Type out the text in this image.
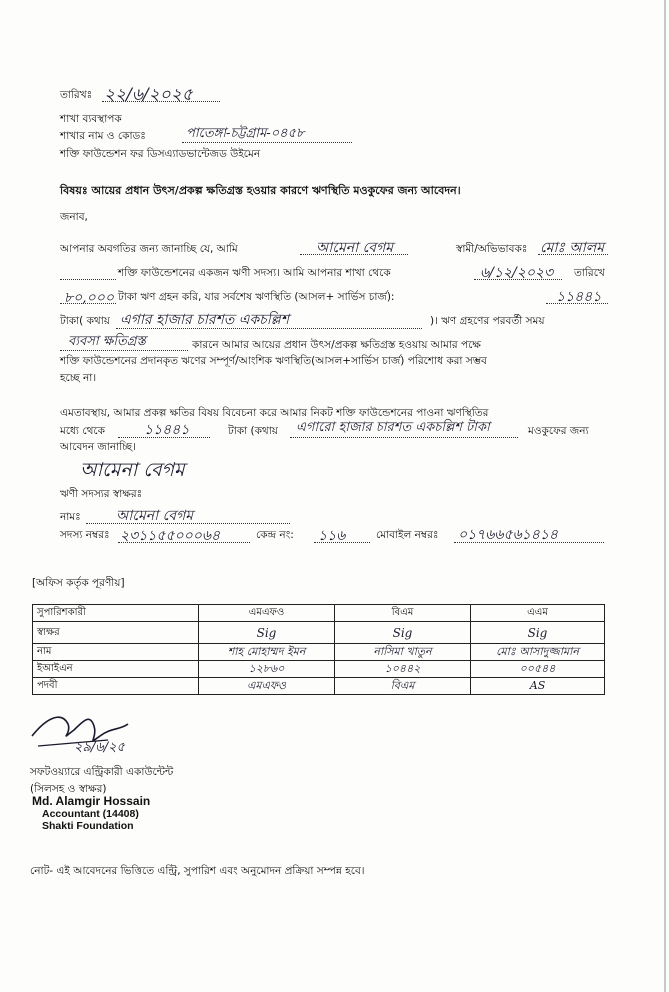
তারিখঃ ২২/৬/২০২৫
শাখা ব্যবস্থাপক
শাখার নাম ও কোডঃ	পাতেঙ্গা-চট্টগ্রাম-০৪৫৮
শক্তি ফাউন্ডেশন ফর ডিসএ্যাডভান্টেজড উইমেন
বিষয়ঃ আয়ের প্রধান উৎস/প্রকল্প ক্ষতিগ্রস্ত হওয়ার কারণে ঋণস্থিতি মওকুফের জন্য আবেদন।
জনাব,
আপনার অবগতির জন্য জানাচ্ছি যে, আমি	আমেনা বেগম	স্বামী/অভিভাবকঃ মোঃ আলম
শক্তি ফাউন্ডেশনের একজন ঋণী সদস্য। আমি আপনার শাখা থেকে	৬/১২/২০২৩ তারিখে
৮০,০০০ টাকা ঋণ গ্রহন করি, যার সর্বশেষ ঋণস্থিতি (আসল+ সার্ভিস চার্জ):	১১৪৪১
টাকা( কথায় এগার হাজার চারশত একচল্লিশ	)। ঋণ গ্রহণের পরবর্তী সময়
ব্যবসা ক্ষতিগ্রস্ত	কারনে আমার আয়ের প্রধান উৎস/প্রকল্প ক্ষতিগ্রস্ত হওয়ায় আমার পক্ষে
শক্তি ফাউন্ডেশনের প্রদানকৃত ঋণের সম্পূর্ণ/আংশিক ঋণস্থিতি(আসল+সার্ভিস চার্জ) পরিশোধ করা সম্ভব
হচ্ছে না।
এমতাবস্থায়, আমার প্রকল্প ক্ষতির বিষয় বিবেচনা করে আমার নিকট শক্তি ফাউন্ডেশনের পাওনা ঋণস্থিতির
মধ্যে থেকে	১১৪৪১	টাকা (কথায় এগারো হাজার চারশত একচল্লিশ টাকা	মওকুফের জন্য
আবেদন জানাচ্ছি।
আমেনা বেগম
ঋণী সদস্যর স্বাক্ষরঃ
নামঃ	আমেনা বেগম
সদস্য নম্বরঃ ২৩১১৫৫০০০৬৪	কেন্দ্র নং: ১১৬	মোবাইল নম্বরঃ ০১৭৬৬৫৬১৪১৪
[অফিস কর্তৃক পূরণীয়]
সুপারিশকারী	এমএফও	বিএম	এএম
স্বাক্ষর	Sig	Sig	Sig

নাম	শাহ মোহাম্মদ ইমন	নাসিমা খাতুন	মোঃ আসাদুজ্জামান

ইআইএন	১২৮৬০	১০৪৪২	০০৫৪৪

পদবী	এমএফও	বিএম	AS
২৯/৬/২৫
সফটওয়্যারে এন্ট্রিকারী একাউন্টেন্ট
(সিলসহ ও স্বাক্ষর)
Md. Alamgir Hossain
Accountant (14408)
Shakti Foundation
নোট- এই আবেদনের ভিত্তিতে এন্ট্রি, সুপারিশ এবং অনুমোদন প্রক্রিয়া সম্পন্ন হবে।
